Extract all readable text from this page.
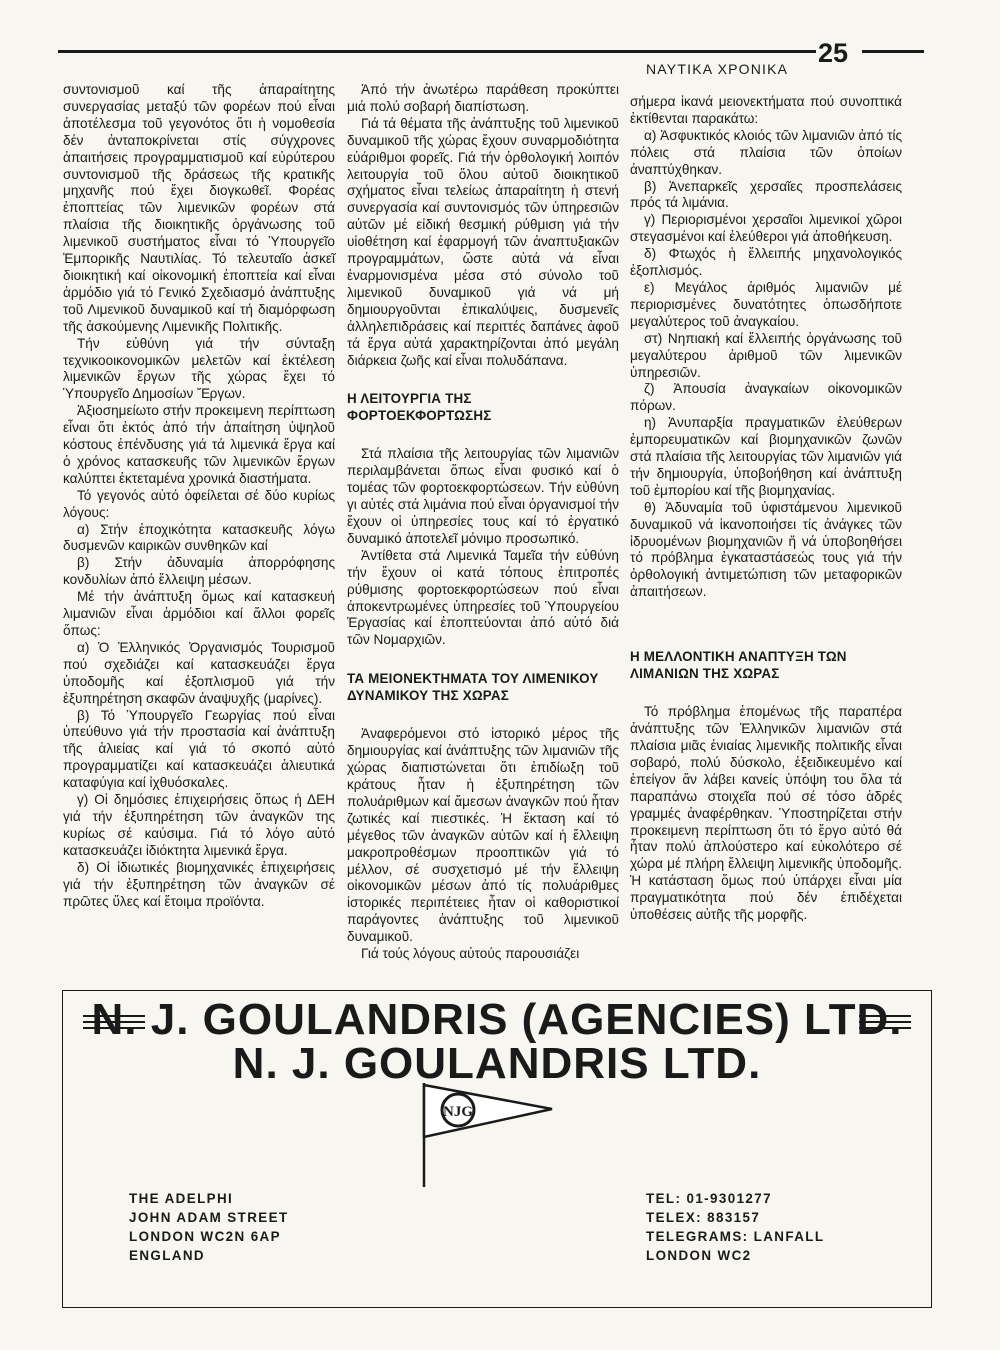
ΝΑΥΤΙΚΑ ΧΡΟΝΙΚΑ
25

συντονισμοῦ καί τῆς ἀπαραίτητης συνεργασίας μεταξύ τῶν φορέων πού εἶναι ἀποτέλεσμα τοῦ γεγονότος ὅτι ἡ νομοθεσία δέν ἀνταποκρίνεται στίς σύγχρονες ἀπαιτήσεις προγραμματισμοῦ καί εὐρύτερου συντονισμοῦ τῆς δράσεως τῆς κρατικῆς μηχανῆς πού ἔχει διογκωθεῖ. Φορέας ἐποπτείας τῶν λιμενικῶν φορέων στά πλαίσια τῆς διοικητικῆς ὀργάνωσης τοῦ λιμενικοῦ συστήματος εἶναι τό Ὑπουργεῖο Ἐμπορικῆς Ναυτιλίας. Τό τελευταῖο ἀσκεῖ διοικητική καί οἰκονομική ἐποπτεία καί εἶναι ἁρμόδιο γιά τό Γενικό Σχεδιασμό ἀνάπτυξης τοῦ Λιμενικοῦ δυναμικοῦ καί τή διαμόρφωση τῆς ἀσκούμενης Λιμενικῆς Πολιτικῆς.

Τήν εὐθύνη γιά τήν σύνταξη τεχνικοοικονομικῶν μελετῶν καί ἐκτέλεση λιμενικῶν ἔργων τῆς χώρας ἔχει τό Ὑπουργεῖο Δημοσίων Ἔργων.

Ἀξιοσημείωτο στήν πρoκειμενη περίπτωση εἶναι ὅτι ἐκτός ἀπό τήν ἀπαίτηση ὑψηλοῦ κόστους ἐπένδυσης γιά τά λιμενικά ἔργα καί ὁ χρόνος κατασκευῆς τῶν λιμενικῶν ἔργων καλύπτει ἐκτεταμένα χρονικά διαστήματα.

Τό γεγονός αὐτό ὀφείλεται σέ δύο κυρίως λόγους:

α) Στήν ἐποχικότητα κατασκευῆς λόγω δυσμενῶν καιρικῶν συνθηκῶν καί

β) Στήν ἀδυναμία ἀπορρόφησης κονδυλίων ἀπό ἔλλειψη μέσων.

Μέ τήν ἀνάπτυξη ὅμως καί κατασκευή λιμανιῶν εἶναι ἁρμόδιοι καί ἄλλοι φορεῖς ὅπως:

α) Ὁ Ἑλληνικός Ὀργανισμός Τουρισμοῦ πού σχεδιάζει καί κατασκευάζει ἔργα ὑποδομῆς καί ἐξοπλισμοῦ γιά τήν ἐξυπηρέτηση σκαφῶν ἀναψυχῆς (μαρίνες).

β) Τό Ὑπουργεῖο Γεωργίας πού εἶναι ὑπεύθυνο γιά τήν προστασία καί ἀνάπτυξη τῆς ἁλιείας καί γιά τό σκοπό αὐτό προγραμματίζει καί κατασκευάζει ἁλιευτικά καταφύγια καί ἰχθυόσκαλες.

γ) Οἱ δημόσιες ἐπιχειρήσεις ὅπως ἡ ΔΕΗ γιά τήν ἐξυπηρέτηση τῶν ἀναγκῶν της κυρίως σέ καύσιμα. Γιά τό λόγο αὐτό κατασκευάζει ἰδιόκτητα λιμενικά ἔργα.

δ) Οἱ ἰδιωτικές βιομηχανικές ἐπιχειρήσεις γιά τήν ἐξυπηρέτηση τῶν ἀναγκῶν σέ πρῶτες ὕλες καί ἕτοιμα προϊόντα.

Ἀπό τήν ἀνωτέρω παράθεση προκύπτει μιά πολύ σοβαρή διαπίστωση.

Γιά τά θέματα τῆς ἀνάπτυξης τοῦ λιμενικοῦ δυναμικοῦ τῆς χώρας ἔχουν συναρμοδιότητα εὐάριθμοι φορεῖς. Γιά τήν ὀρθολογική λοιπόν λειτουργία τοῦ ὅλου αὐτοῦ διοικητικοῦ σχήματος εἶναι τελείως ἀπαραίτητη ἡ στενή συνεργασία καί συντονισμός τῶν ὑπηρεσιῶν αὐτῶν μέ εἰδική θεσμική ρύθμιση γιά τήν υἱοθέτηση καί ἐφαρμογή τῶν ἀναπτυξιακῶν προγραμμάτων, ὥστε αὐτά νά εἶναι ἐναρμονισμένα μέσα στό σύνολο τοῦ λιμενικοῦ δυναμικοῦ γιά νά μή δημιουργοῦνται ἐπικαλύψεις, δυσμενεῖς ἀλληλεπιδράσεις καί περιττές δαπάνες ἀφοῦ τά ἔργα αὐτά χαρακτηρίζονται ἀπό μεγάλη διάρκεια ζωῆς καί εἶναι πολυδάπανα.

Η ΛΕΙΤΟΥΡΓΙΑ ΤΗΣ ΦΟΡΤΟΕΚΦΟΡΤΩΣΗΣ

Στά πλαίσια τῆς λειτουργίας τῶν λιμανιῶν περιλαμβάνεται ὅπως εἶναι φυσικό καί ὁ τομέας τῶν φορτοεκφορτώσεων. Τήν εὐθύνη γι αὐτές στά λιμάνια πού εἶναι ὀργανισμοί τήν ἔχουν οἱ ὑπηρεσίες τους καί τό ἐργατικό δυναμικό ἀποτελεῖ μόνιμο προσωπικό.

Ἀντίθετα στά Λιμενικά Ταμεῖα τήν εὐθύνη τήν ἔχουν οἱ κατά τόπους ἐπιτροπές ρύθμισης φορτοεκφορτώσεων πού εἶναι ἀποκεντρωμένες ὑπηρεσίες τοῦ Ὑπουργείου Ἐργασίας καί ἐποπτεύονται ἀπό αὐτό διά τῶν Νομαρχιῶν.

ΤΑ ΜΕΙΟΝΕΚΤΗΜΑΤΑ ΤΟΥ ΛΙΜΕΝΙΚΟΥ ΔΥΝΑΜΙΚΟΥ ΤΗΣ ΧΩΡΑΣ

Ἀναφερόμενοι στό ἱστορικό μέρος τῆς δημιουργίας καί ἀνάπτυξης τῶν λιμανιῶν τῆς χώρας διαπιστώνεται ὅτι ἐπιδίωξη τοῦ κράτους ἦταν ἡ ἐξυπηρέτηση τῶν πολυάριθμων καί ἄμεσων ἀναγκῶν πού ἦταν ζωτικές καί πιεστικές. Ἡ ἔκταση καί τό μέγεθος τῶν ἀναγκῶν αὐτῶν καί ἡ ἔλλειψη μακροπροθέσμων προοπτικῶν γιά τό μέλλον, σέ συσχετισμό μέ τήν ἔλλειψη οἰκονομικῶν μέσων ἀπό τίς πολυάριθμες ἱστορικές περιπέτειες ἦταν οἱ καθοριστικοί παράγοντες ἀνάπτυξης τοῦ λιμενικοῦ δυναμικοῦ.

Γιά τούς λόγους αὐτούς παρουσιάζει

σήμερα ἱκανά μειονεκτήματα πού συνοπτικά ἐκτίθενται παρακάτω:

α) Ἀσφυκτικός κλοιός τῶν λιμανιῶν ἀπό τίς πόλεις στά πλαίσια τῶν ὁποίων ἀναπτύχθηκαν.

β) Ἀνεπαρκεῖς χερσαῖες προσπελάσεις πρός τά λιμάνια.

γ) Περιορισμένοι χερσαῖοι λιμενικοί χῶροι στεγασμένοι καί ἐλεύθεροι γιά ἀποθήκευση.

δ) Φτωχός ἡ ἔλλειπής μηχανολογικός ἐξοπλισμός.

ε) Μεγάλος ἀριθμός λιμανιῶν μέ περιορισμένες δυνατότητες ὁπωσδήποτε μεγαλύτερος τοῦ ἀναγκαίου.

στ) Νηπιακή καί ἔλλειπής ὀργάνωσης τοῦ μεγαλύτερου ἀριθμοῦ τῶν λιμενικῶν ὑπηρεσιῶν.

ζ) Ἀπουσία ἀναγκαίων οἰκονομικῶν πόρων.

η) Ἀνυπαρξία πραγματικῶν ἐλεύθερων ἐμπορευματικῶν καί βιομηχανικῶν ζωνῶν στά πλαίσια τῆς λειτουργίας τῶν λιμανιῶν γιά τήν δημιουργία, ὑποβοήθηση καί ἀνάπτυξη τοῦ ἐμπορίου καί τῆς βιομηχανίας.

θ) Ἀδυναμία τοῦ ὑφιστάμενου λιμενικοῦ δυναμικοῦ νά ἱκανοποιήσει τίς ἀνάγκες τῶν ἱδρυομένων βιομηχανιῶν ἤ νά ὑποβοηθήσει τό πρόβλημα ἐγκαταστάσεώς τους γιά τήν ὀρθολογική ἀντιμετώπιση τῶν μεταφορικῶν ἀπαιτήσεων.

Η ΜΕΛΛΟΝΤΙΚΗ ΑΝΑΠΤΥΞΗ ΤΩΝ ΛΙΜΑΝΙΩΝ ΤΗΣ ΧΩΡΑΣ

Τό πρόβλημα ἑπομένως τῆς παραπέρα ἀνάπτυξης τῶν Ἑλληνικῶν λιμανιῶν στά πλαίσια μιᾶς ἑνιαίας λιμενικῆς πολιτικῆς εἶναι σοβαρό, πολύ δύσκολο, ἐξειδικευμένο καί ἐπείγον ἄν λάβει κανείς ὑπόψη του ὅλα τά παραπάνω στοιχεῖα πού σέ τόσο ἁδρές γραμμές ἀναφέρθηκαν. Ὑποστηρίζεται στήν προκειμενη περίπτωση ὅτι τό ἔργο αὐτό θά ἦταν πολύ ἁπλούστερο καί εὐκολότερο σέ χώρα μέ πλήρη ἔλλειψη λιμενικῆς ὑποδομῆς. Ἡ κατάσταση ὅμως πού ὑπάρχει εἶναι μία πραγματικότητα πού δέν ἐπιδέχεται ὑποθέσεις αὐτῆς τῆς μορφῆς.

N. J. GOULANDRIS (AGENCIES) LTD.
N. J. GOULANDRIS LTD.
NJG
THE ADELPHI
JOHN ADAM STREET
LONDON WC2N 6AP
ENGLAND
TEL: 01-9301277
TELEX: 883157
TELEGRAMS: LANFALL
LONDON WC2
